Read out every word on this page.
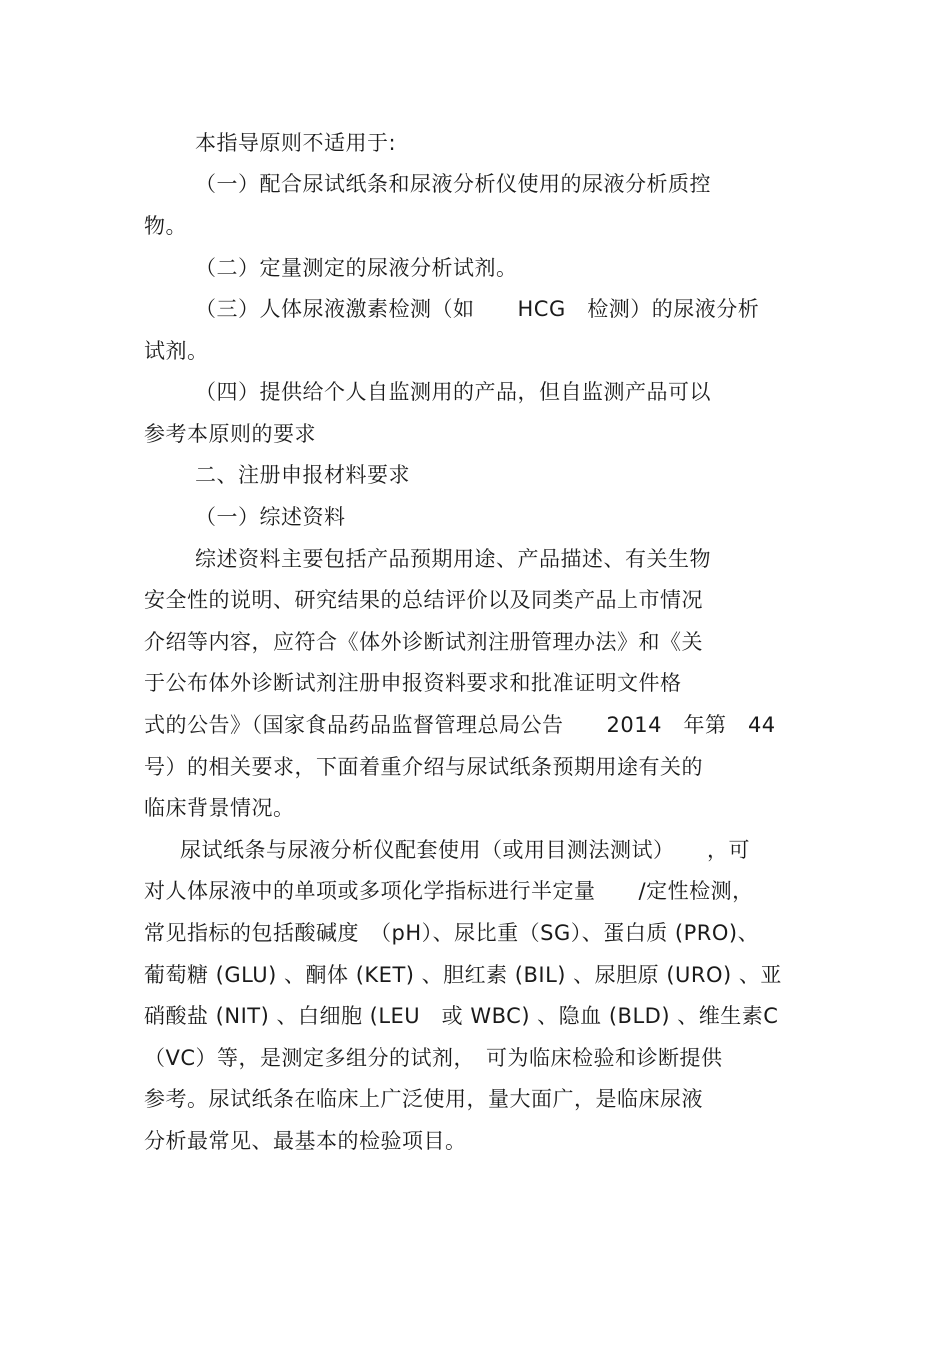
本指导原则不适用于:
（一）配合尿试纸条和尿液分析仪使用的尿液分析质控
物。
（二）定量测定的尿液分析试剂。
（三）人体尿液激素检测（如　　HCG　检测）的尿液分析
试剂。
（四）提供给个人自监测用的产品，但自监测产品可以
参考本原则的要求
二、注册申报材料要求
（一）综述资料
综述资料主要包括产品预期用途、产品描述、有关生物
安全性的说明、研究结果的总结评价以及同类产品上市情况
介绍等内容，应符合《体外诊断试剂注册管理办法》和《关
于公布体外诊断试剂注册申报资料要求和批准证明文件格
式的公告》（国家食品药品监督管理总局公告　　2014　年第　44
号）的相关要求，下面着重介绍与尿试纸条预期用途有关的
临床背景情况。
尿试纸条与尿液分析仪配套使用（或用目测法测试）　　，可
对人体尿液中的单项或多项化学指标进行半定量　　/定性检测，
常见指标的包括酸碱度　（pH）、尿比重（SG）、蛋白质 (PRO)、
葡萄糖 (GLU) 、酮体 (KET) 、胆红素 (BIL) 、尿胆原 (URO) 、亚
硝酸盐 (NIT) 、白细胞 (LEU　或 WBC) 、隐血 (BLD) 、维生素C
（VC）等，是测定多组分的试剂，　可为临床检验和诊断提供
参考。尿试纸条在临床上广泛使用，量大面广，是临床尿液
分析最常见、最基本的检验项目。
